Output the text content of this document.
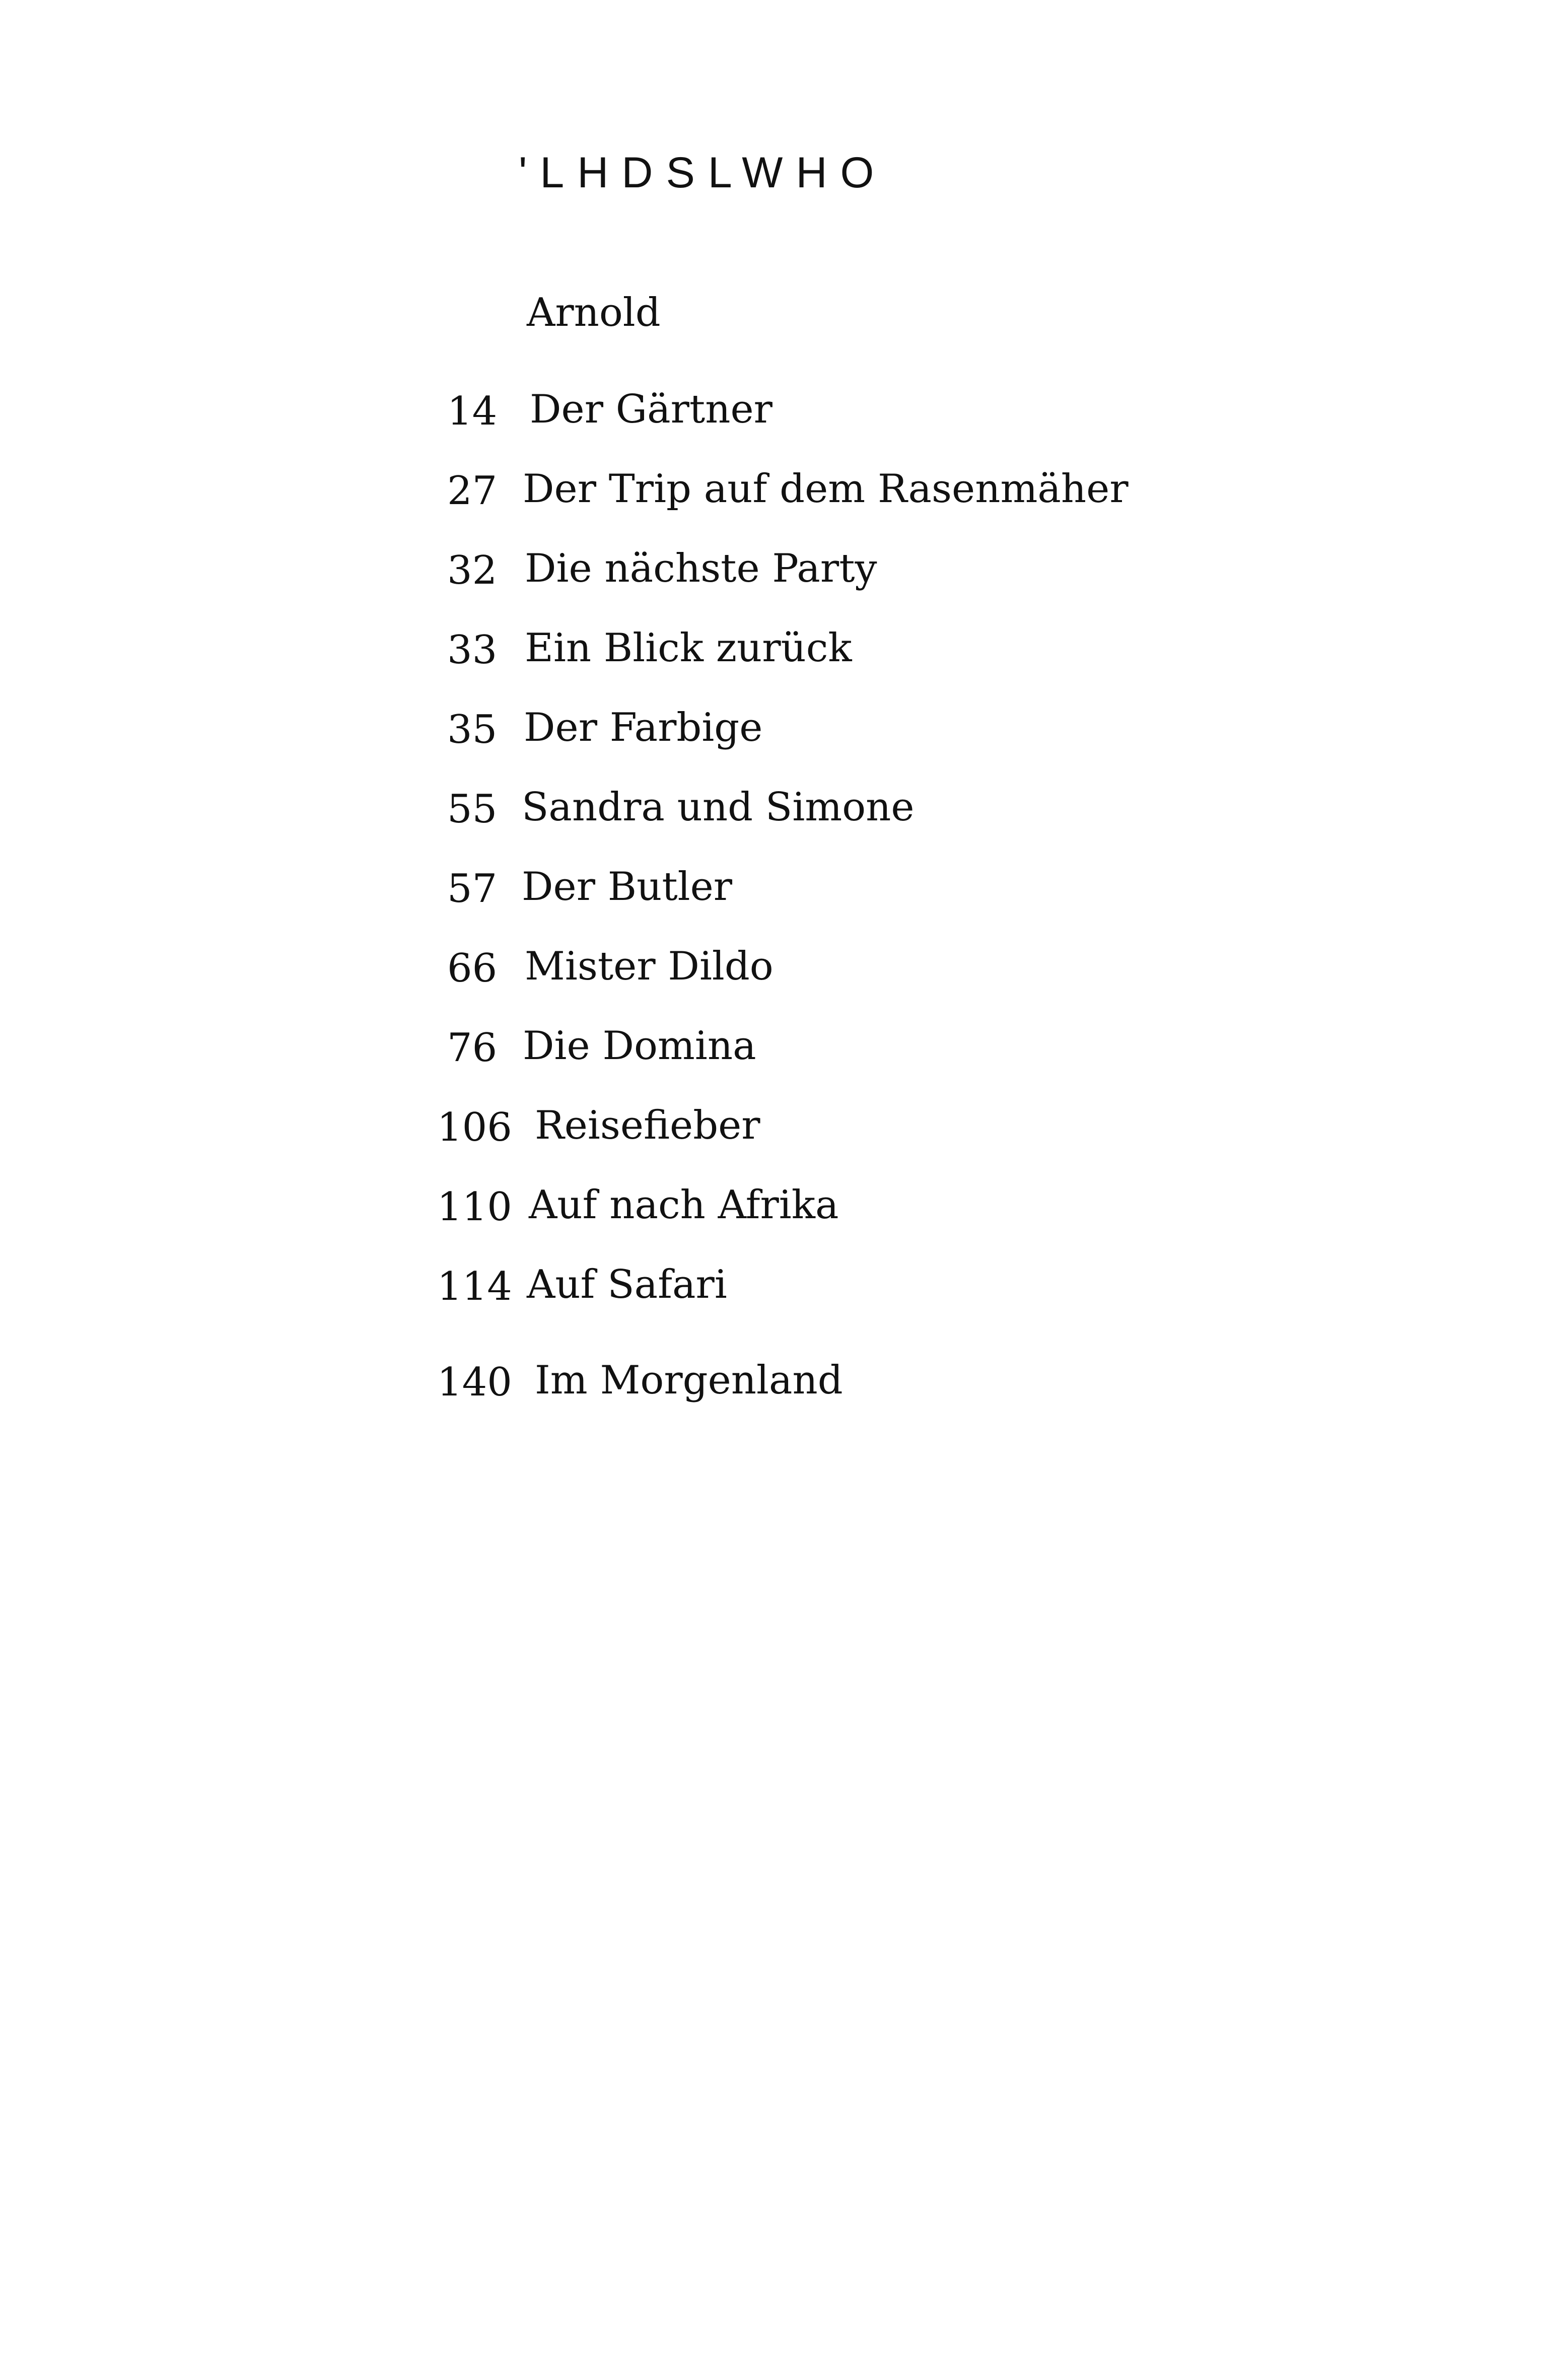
'LHDSLWHO
Arnold
14 Der Gärtner
27 Der Trip auf dem Rasenmäher
32 Die nächste Party
33 Ein Blick zurück
35 Der Farbige
55 Sandra und Simone
57 Der Butler
66 Mister Dildo
76 Die Domina
106 Reisefieber
110 Auf nach Afrika
114 Auf Safari
140 Im Morgenland
